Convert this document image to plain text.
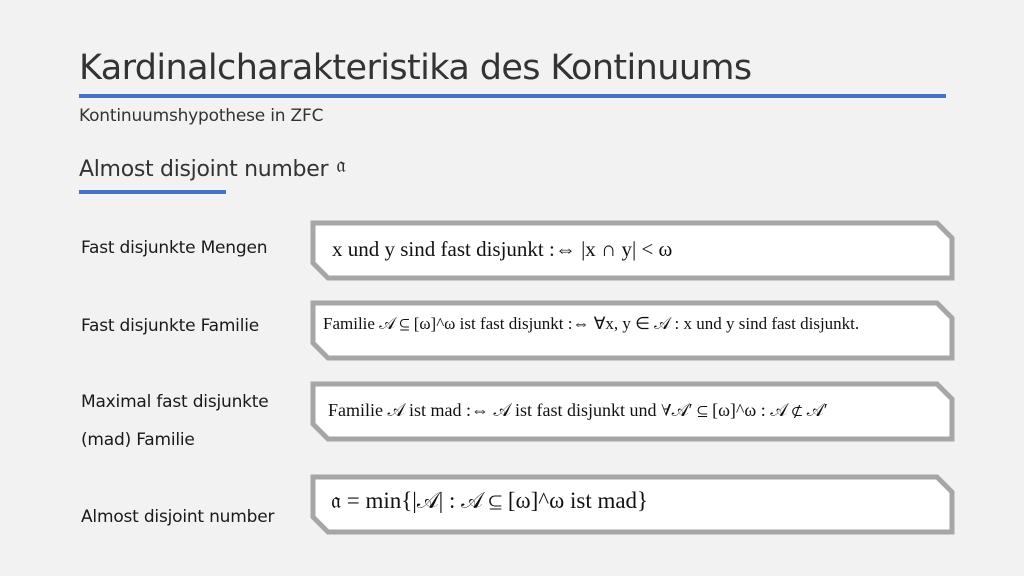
Kardinalcharakteristika des Kontinuums
Kontinuumshypothese in ZFC
Almost disjoint number 𝔞
Fast disjunkte Mengen	x und y sind fast disjunkt :⇔ |x ∩ y| < ω
Fast disjunkte Familie	Familie 𝒜 ⊆ [ω]^ω ist fast disjunkt :⇔ ∀x, y ∈ 𝒜 : x und y sind fast disjunkt.
Maximal fast disjunkte
(mad) Familie
Familie 𝒜 ist mad :⇔ 𝒜 ist fast disjunkt und ∀𝒜′ ⊆ [ω]^ω : 𝒜 ⊄ 𝒜′
Almost disjoint number
𝔞 = min{|𝒜| : 𝒜 ⊆ [ω]^ω ist mad}
